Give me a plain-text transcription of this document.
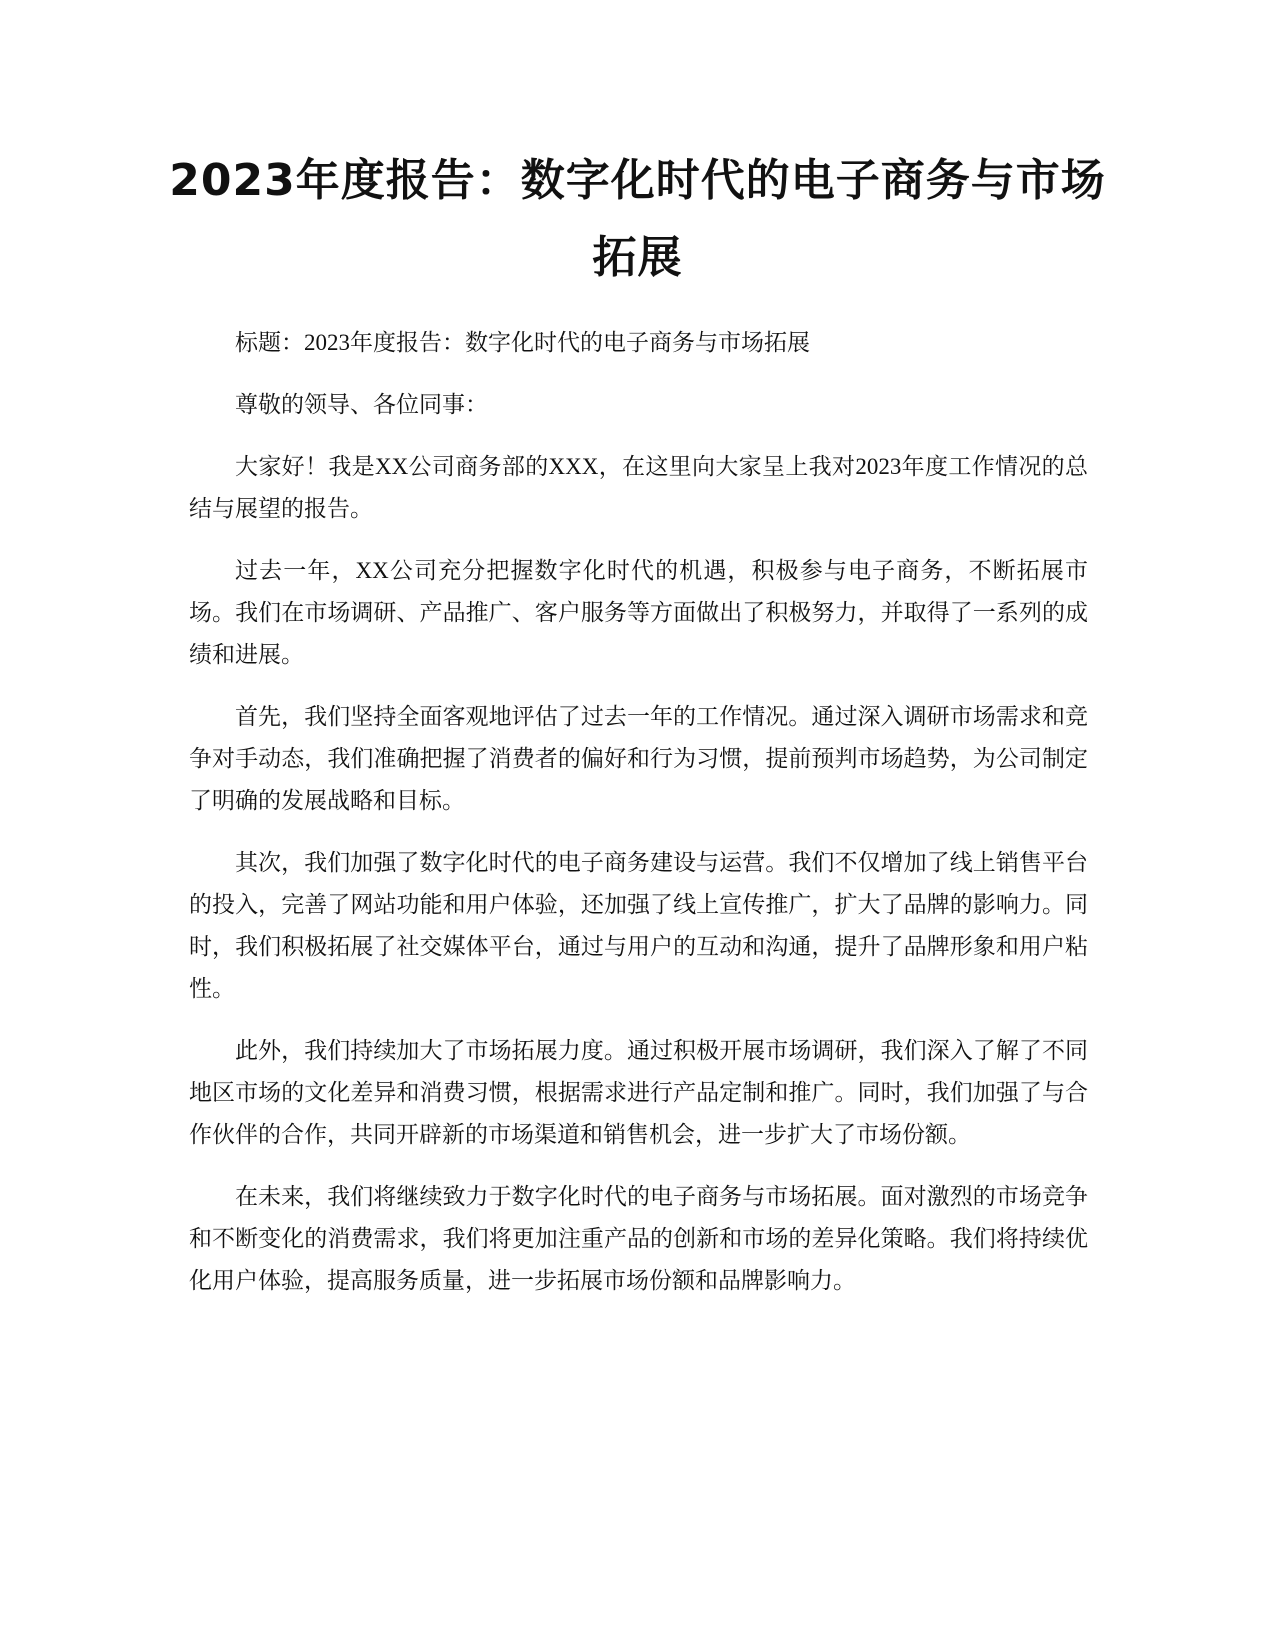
2023年度报告：数字化时代的电子商务与市场拓展

标题：2023年度报告：数字化时代的电子商务与市场拓展

尊敬的领导、各位同事：

大家好！我是XX公司商务部的XXX，在这里向大家呈上我对2023年度工作情况的总结与展望的报告。

过去一年，XX公司充分把握数字化时代的机遇，积极参与电子商务，不断拓展市场。我们在市场调研、产品推广、客户服务等方面做出了积极努力，并取得了一系列的成绩和进展。

首先，我们坚持全面客观地评估了过去一年的工作情况。通过深入调研市场需求和竞争对手动态，我们准确把握了消费者的偏好和行为习惯，提前预判市场趋势，为公司制定了明确的发展战略和目标。

其次，我们加强了数字化时代的电子商务建设与运营。我们不仅增加了线上销售平台的投入，完善了网站功能和用户体验，还加强了线上宣传推广，扩大了品牌的影响力。同时，我们积极拓展了社交媒体平台，通过与用户的互动和沟通，提升了品牌形象和用户粘性。

此外，我们持续加大了市场拓展力度。通过积极开展市场调研，我们深入了解了不同地区市场的文化差异和消费习惯，根据需求进行产品定制和推广。同时，我们加强了与合作伙伴的合作，共同开辟新的市场渠道和销售机会，进一步扩大了市场份额。

在未来，我们将继续致力于数字化时代的电子商务与市场拓展。面对激烈的市场竞争和不断变化的消费需求，我们将更加注重产品的创新和市场的差异化策略。我们将持续优化用户体验，提高服务质量，进一步拓展市场份额和品牌影响力。
